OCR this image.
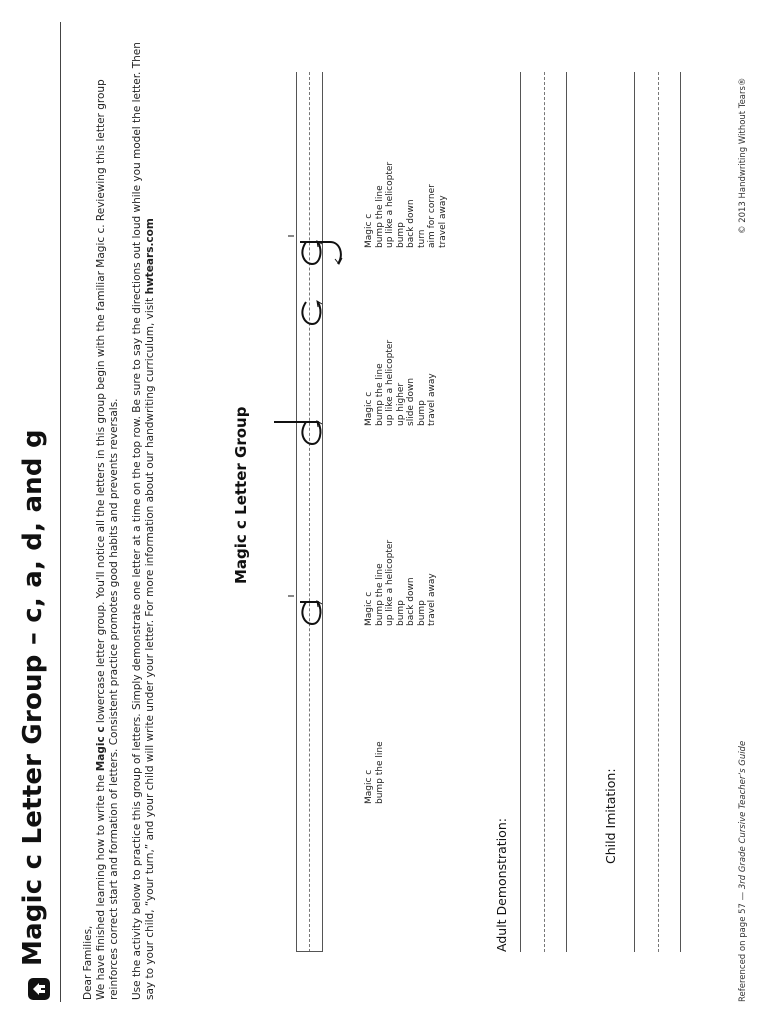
Magic c Letter Group – c, a, d, and g	Dear Families,
We have finished learning how to write the Magic c lowercase letter group. You'll notice all the letters in this group begin with the familiar Magic c. Reviewing this letter group reinforces correct start and formation of letters. Consistent practice promotes good habits and prevents reversals. Use the activity below to practice this group of letters. Simply demonstrate one letter at a time on the top row. Be sure to say the directions out loud while you model the letter. Then say to your child, “your turn,” and your child will write under your letter. For more information about our handwriting curriculum, visit hwtears.com

Magic c Letter Group
Magic c bump the line
Magic c bump the line up like a helicopter bump back down bump travel away
Magic c bump the line up like a helicopter up higher slide down bump travel away
Magic c bump the line up like a helicopter bump back down turn aim for corner travel away
Adult Demonstration:
Child Imitation:
Referenced on page 57 — 3rd Grade Cursive Teacher’s Guide
© 2013 Handwriting Without Tears®
